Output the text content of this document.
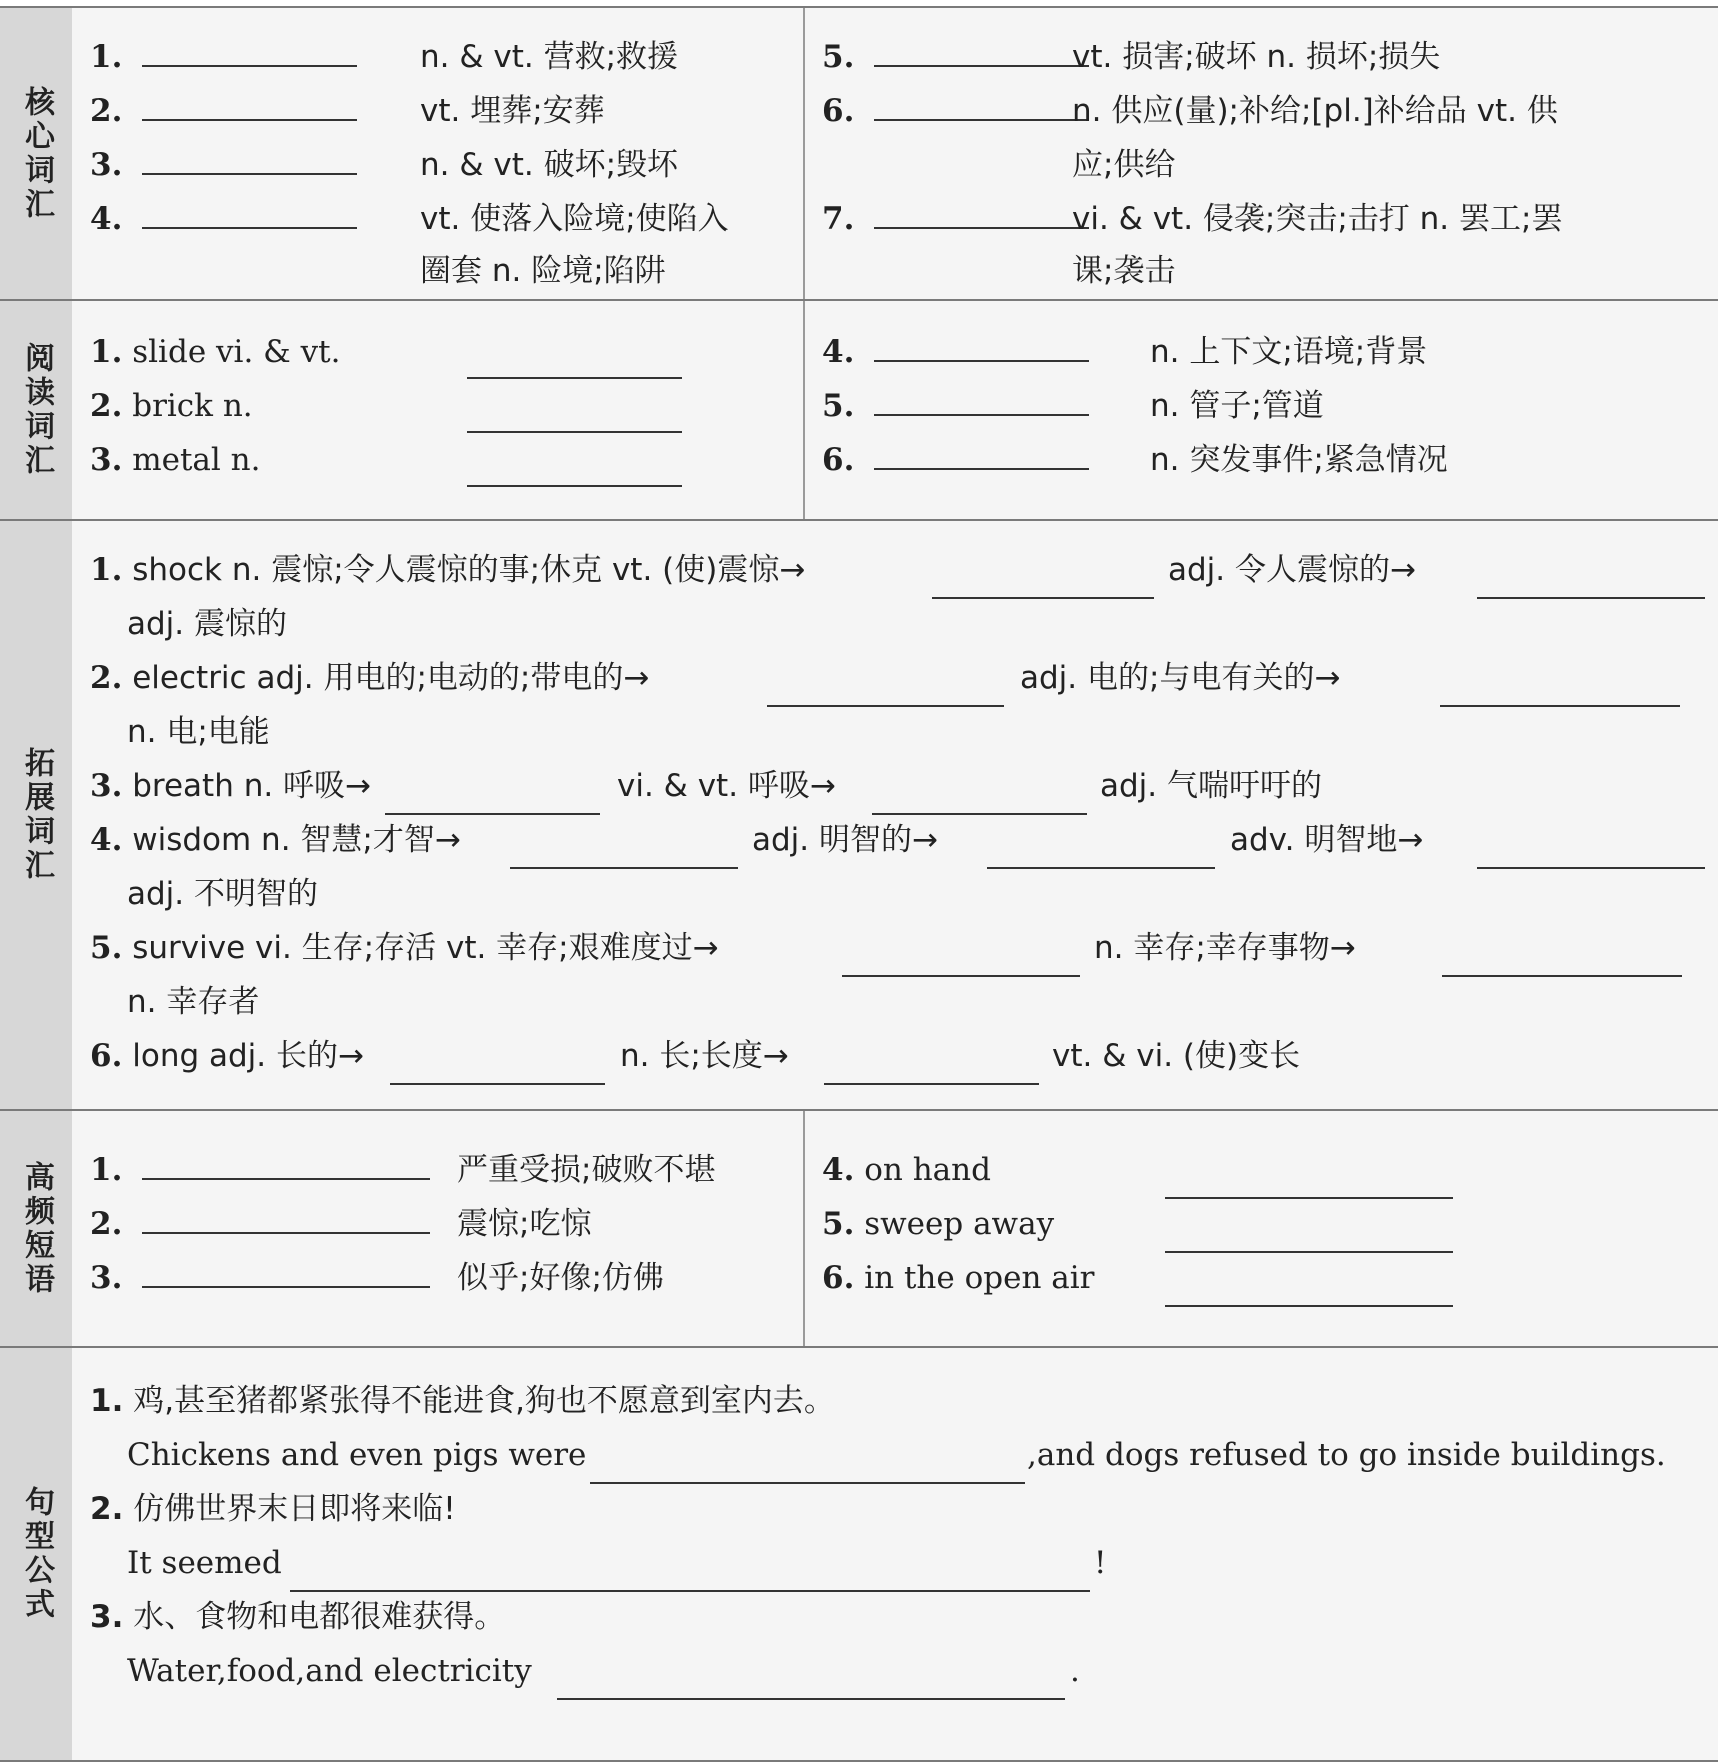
核心词汇
1.	n. & vt. 营救;救援
2.	vt. 埋葬;安葬
3.	n. & vt. 破坏;毁坏
4.	vt. 使落入险境;使陷入
圈套 n. 险境;陷阱
5.	vt. 损害;破坏 n. 损坏;损失
6.	n. 供应(量);补给;[pl.]补给品 vt. 供
应;供给
7.	vi. & vt. 侵袭;突击;击打 n. 罢工;罢
课;袭击
阅读词汇 1. slide vi. & vt.
2. brick n.
3. metal n.
4.	n. 上下文;语境;背景
5.	n. 管子;管道
6.	n. 突发事件;紧急情况
拓展词汇
1. shock n. 震惊;令人震惊的事;休克 vt. (使)震惊→	adj. 令人震惊的→
adj. 震惊的
2. electric adj. 用电的;电动的;带电的→	adj. 电的;与电有关的→
n. 电;电能
3. breath n. 呼吸→	vi. & vt. 呼吸→	adj. 气喘吁吁的
4. wisdom n. 智慧;才智→	adj. 明智的→	adv. 明智地→
adj. 不明智的
5. survive vi. 生存;存活 vt. 幸存;艰难度过→	n. 幸存;幸存事物→
n. 幸存者
6. long adj. 长的→	n. 长;长度→	vt. & vi. (使)变长
高频短语 1.	严重受损;破败不堪
2.	震惊;吃惊
3.	似乎;好像;仿佛
4. on hand
5. sweep away
6. in the open air
句型公式
1. 鸡,甚至猪都紧张得不能进食,狗也不愿意到室内去。
Chickens and even pigs were	,and dogs refused to go inside buildings.
2. 仿佛世界末日即将来临!
It seemed	!
3. 水、食物和电都很难获得。
Water,food,and electricity	.
